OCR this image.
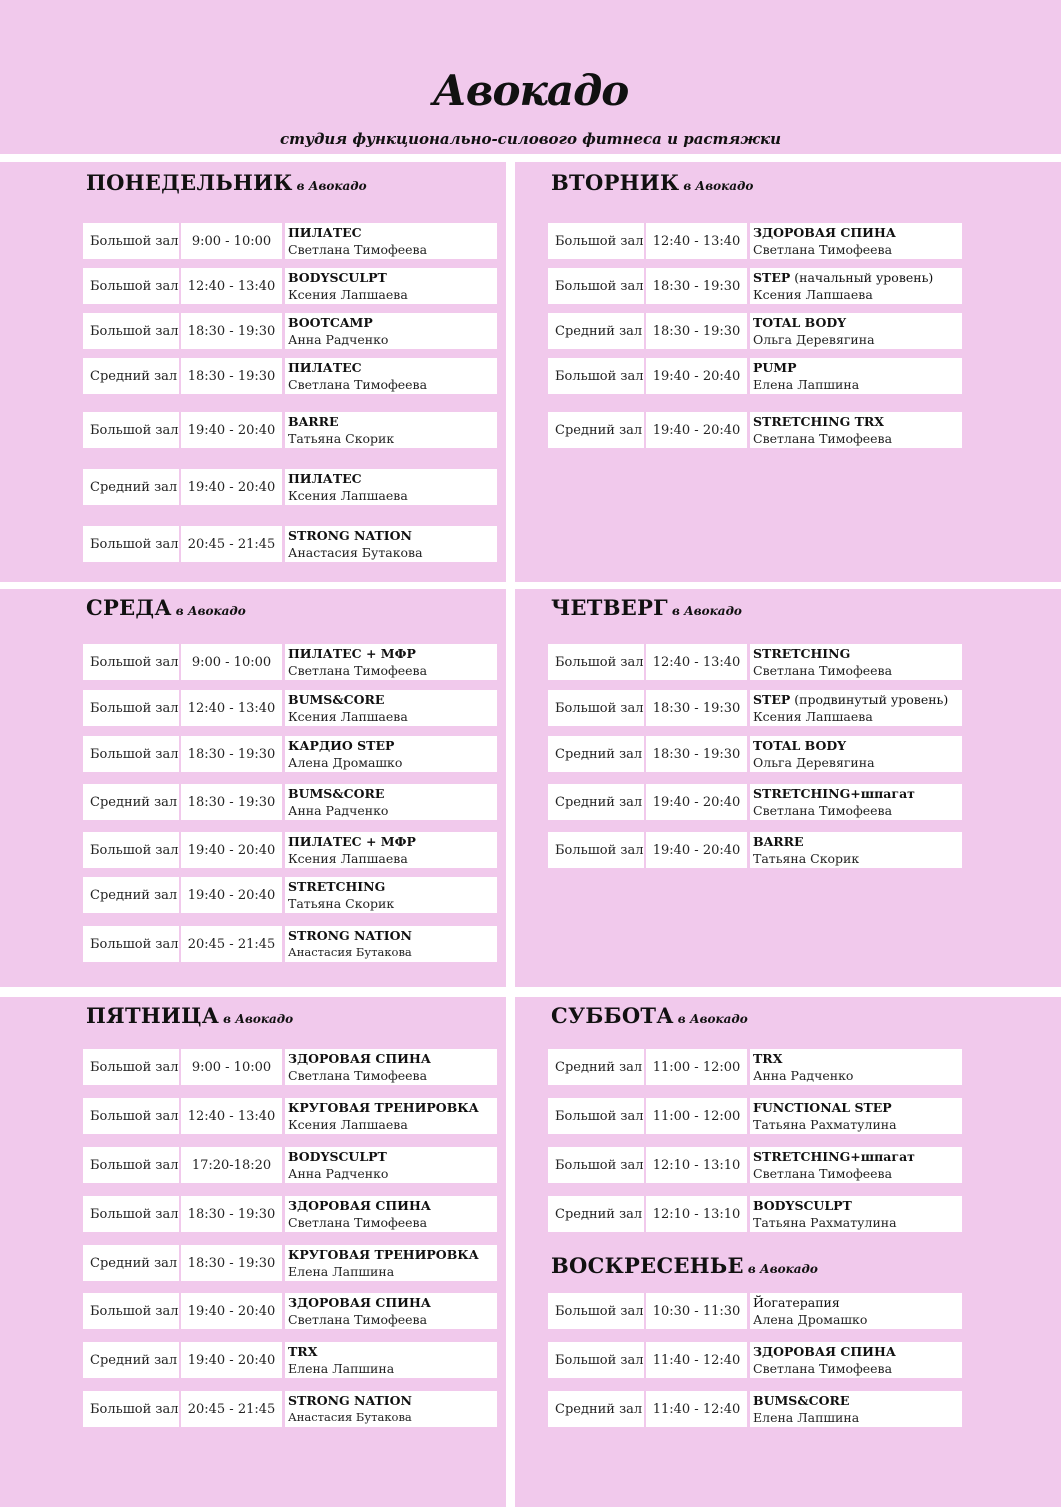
Авокадо
студия функционально-силового фитнеса и растяжки
ПОНЕДЕЛЬНИК в Авокадо
Большой зал	9:00 - 10:00
ПИЛАТЕС
Светлана Тимофеева
Большой зал 12:40 - 13:40
BODYSCULPT
Ксения Лапшаева
Большой зал 18:30 - 19:30
BOOTCAMP
Анна Радченко
Средний зал 18:30 - 19:30
ПИЛАТЕС
Светлана Тимофеева
Большой зал 19:40 - 20:40
BARRE
Татьяна Скорик
Средний зал 19:40 - 20:40
ПИЛАТЕС
Ксения Лапшаева
Большой зал 20:45 - 21:45
STRONG NATION
Анастасия Бутакова
ВТОРНИК в Авокадо
Большой зал 12:40 - 13:40
ЗДОРОВАЯ СПИНА
Светлана Тимофеева
Большой зал 18:30 - 19:30
STEP (начальный уровень)
Ксения Лапшаева
Средний зал 18:30 - 19:30
TOTAL BODY
Ольга Деревягина
Большой зал 19:40 - 20:40
PUMP
Елена Лапшина
Средний зал 19:40 - 20:40
STRETCHING TRX
Светлана Тимофеева
СРЕДА в Авокадо
Большой зал	9:00 - 10:00
ПИЛАТЕС + МФР
Светлана Тимофеева
Большой зал 12:40 - 13:40
BUMS&CORE
Ксения Лапшаева
Большой зал 18:30 - 19:30
КАРДИО STEP
Алена Дромашко
Средний зал 18:30 - 19:30
BUMS&CORE
Анна Радченко
Большой зал 19:40 - 20:40
ПИЛАТЕС + МФР
Ксения Лапшаева
Средний зал 19:40 - 20:40
STRETCHING
Татьяна Скорик
Большой зал 20:45 - 21:45
STRONG NATION
Анастасия Бутакова
ЧЕТВЕРГ в Авокадо
Большой зал 12:40 - 13:40
STRETCHING
Светлана Тимофеева
Большой зал 18:30 - 19:30
STEP (продвинутый уровень)
Ксения Лапшаева
Средний зал 18:30 - 19:30
TOTAL BODY
Ольга Деревягина
Средний зал 19:40 - 20:40
STRETCHING+шпагат
Светлана Тимофеева
Большой зал 19:40 - 20:40
BARRE
Татьяна Скорик
ПЯТНИЦА в Авокадо
Большой зал	9:00 - 10:00
ЗДОРОВАЯ СПИНА
Светлана Тимофеева
Большой зал 12:40 - 13:40
КРУГОВАЯ ТРЕНИРОВКА
Ксения Лапшаева
Большой зал	17:20-18:20
BODYSCULPT
Анна Радченко
Большой зал 18:30 - 19:30
ЗДОРОВАЯ СПИНА
Светлана Тимофеева
Средний зал 18:30 - 19:30
КРУГОВАЯ ТРЕНИРОВКА
Елена Лапшина
Большой зал 19:40 - 20:40
ЗДОРОВАЯ СПИНА
Светлана Тимофеева
Средний зал 19:40 - 20:40
TRX
Елена Лапшина
Большой зал 20:45 - 21:45
STRONG NATION
Анастасия Бутакова
СУББОТА в Авокадо
Средний зал 11:00 - 12:00
TRX
Анна Радченко
Большой зал 11:00 - 12:00
FUNCTIONAL STEP
Татьяна Рахматулина
Большой зал 12:10 - 13:10
STRETCHING+шпагат
Светлана Тимофеева
Средний зал 12:10 - 13:10
BODYSCULPT
Татьяна Рахматулина
ВОСКРЕСЕНЬЕ в Авокадо
Большой зал 10:30 - 11:30
Йогатерапия
Алена Дромашко
Большой зал 11:40 - 12:40
ЗДОРОВАЯ СПИНА
Светлана Тимофеева
Средний зал 11:40 - 12:40
BUMS&CORE
Елена Лапшина
